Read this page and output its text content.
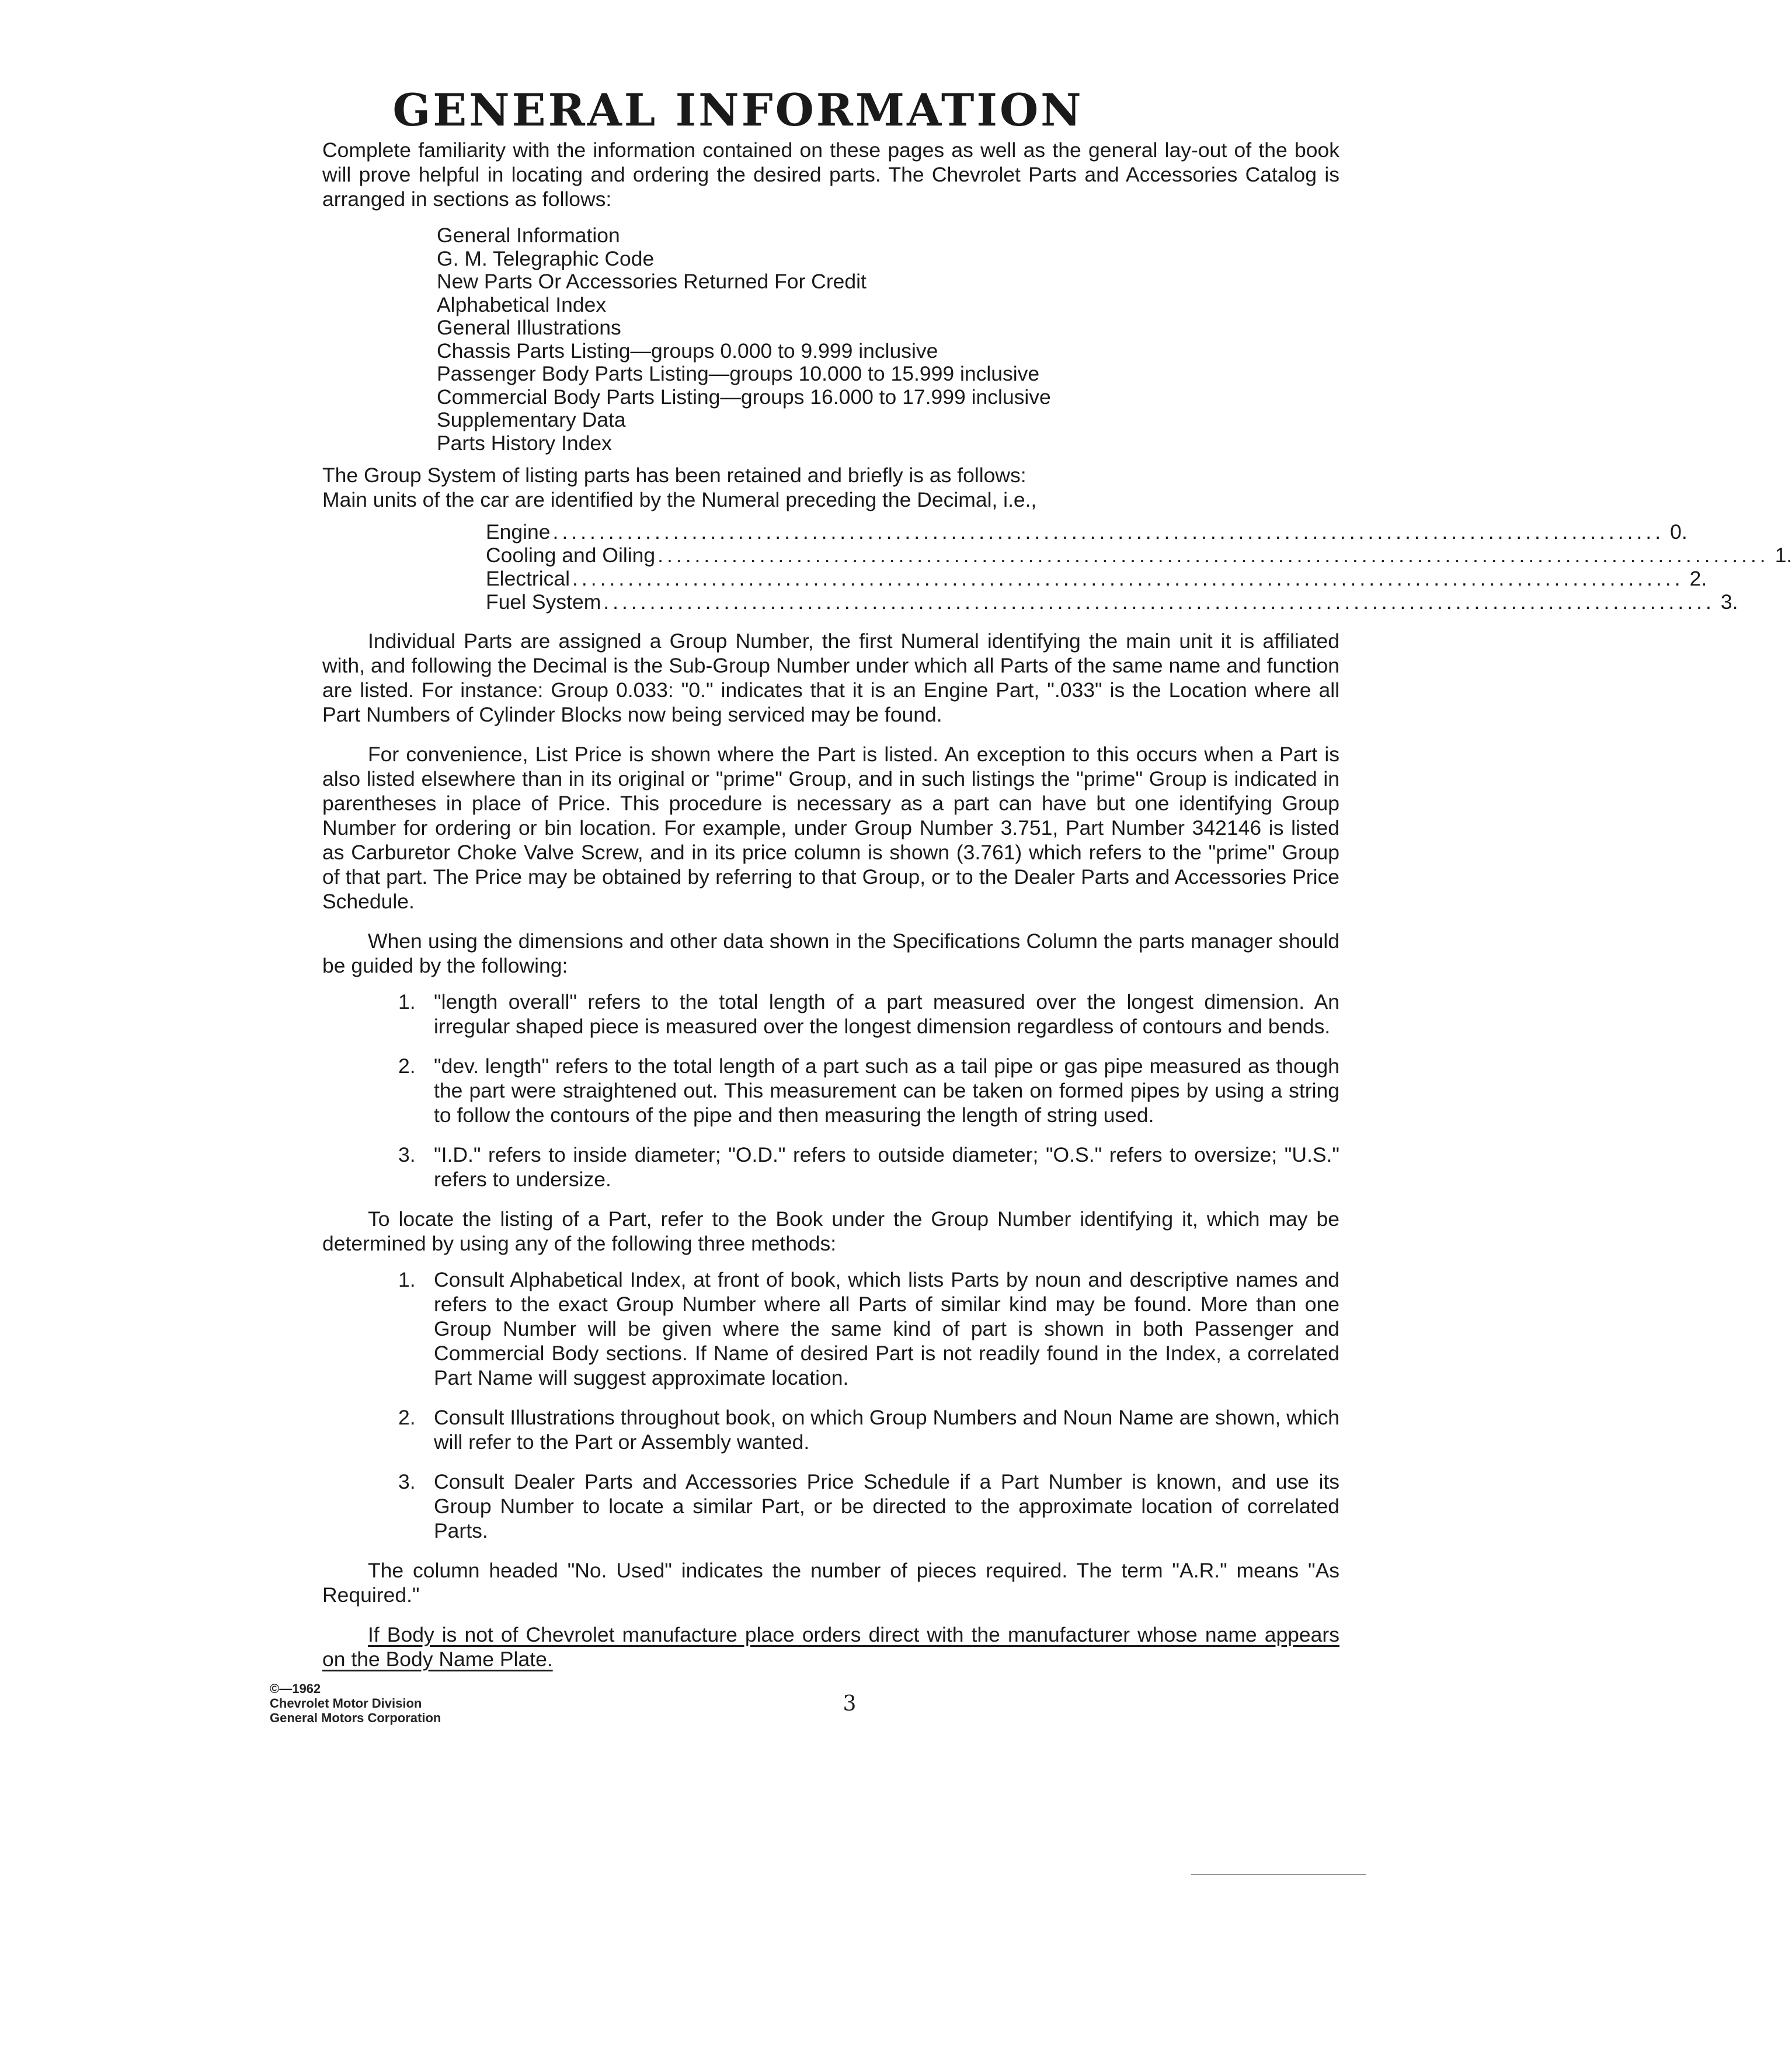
GENERAL INFORMATION

Complete familiarity with the information contained on these pages as well as the general lay-out of the book will prove helpful in locating and ordering the desired parts. The Chevrolet Parts and Accessories Catalog is arranged in sections as follows:

General Information
G. M. Telegraphic Code
New Parts Or Accessories Returned For Credit
Alphabetical Index
General Illustrations
Chassis Parts Listing—groups 0.000 to 9.999 inclusive
Passenger Body Parts Listing—groups 10.000 to 15.999 inclusive
Commercial Body Parts Listing—groups 16.000 to 17.999 inclusive
Supplementary Data
Parts History Index

The Group System of listing parts has been retained and briefly is as follows:

Main units of the car are identified by the Numeral preceding the Decimal, i.e.,

Engine ........................................................................................................................ 0.
Cooling and Oiling ........................................................................................................................ 1.
Electrical ........................................................................................................................ 2.
Fuel System ........................................................................................................................ 3.

Individual Parts are assigned a Group Number, the first Numeral identifying the main unit it is affiliated with, and following the Decimal is the Sub-Group Number under which all Parts of the same name and function are listed. For instance: Group 0.033: "0." indicates that it is an Engine Part, ".033" is the Location where all Part Numbers of Cylinder Blocks now being serviced may be found.

For convenience, List Price is shown where the Part is listed. An exception to this occurs when a Part is also listed elsewhere than in its original or "prime" Group, and in such listings the "prime" Group is indicated in parentheses in place of Price. This procedure is necessary as a part can have but one identifying Group Number for ordering or bin location. For example, under Group Number 3.751, Part Number 342146 is listed as Carburetor Choke Valve Screw, and in its price column is shown (3.761) which refers to the "prime" Group of that part. The Price may be obtained by referring to that Group, or to the Dealer Parts and Accessories Price Schedule.

When using the dimensions and other data shown in the Specifications Column the parts manager should be guided by the following:

1. "length overall" refers to the total length of a part measured over the longest dimension. An irregular shaped piece is measured over the longest dimension regardless of contours and bends.
2. "dev. length" refers to the total length of a part such as a tail pipe or gas pipe measured as though the part were straightened out. This measurement can be taken on formed pipes by using a string to follow the contours of the pipe and then measuring the length of string used.
3. "I.D." refers to inside diameter; "O.D." refers to outside diameter; "O.S." refers to oversize; "U.S." refers to undersize.

To locate the listing of a Part, refer to the Book under the Group Number identifying it, which may be determined by using any of the following three methods:

1. Consult Alphabetical Index, at front of book, which lists Parts by noun and descriptive names and refers to the exact Group Number where all Parts of similar kind may be found. More than one Group Number will be given where the same kind of part is shown in both Passenger and Commercial Body sections. If Name of desired Part is not readily found in the Index, a correlated Part Name will suggest approximate location.
2. Consult Illustrations throughout book, on which Group Numbers and Noun Name are shown, which will refer to the Part or Assembly wanted.
3. Consult Dealer Parts and Accessories Price Schedule if a Part Number is known, and use its Group Number to locate a similar Part, or be directed to the approximate location of correlated Parts.

The column headed "No. Used" indicates the number of pieces required. The term "A.R." means "As Required."

If Body is not of Chevrolet manufacture place orders direct with the manufacturer whose name appears on the Body Name Plate.

©—1962
Chevrolet Motor Division
General Motors Corporation
3
